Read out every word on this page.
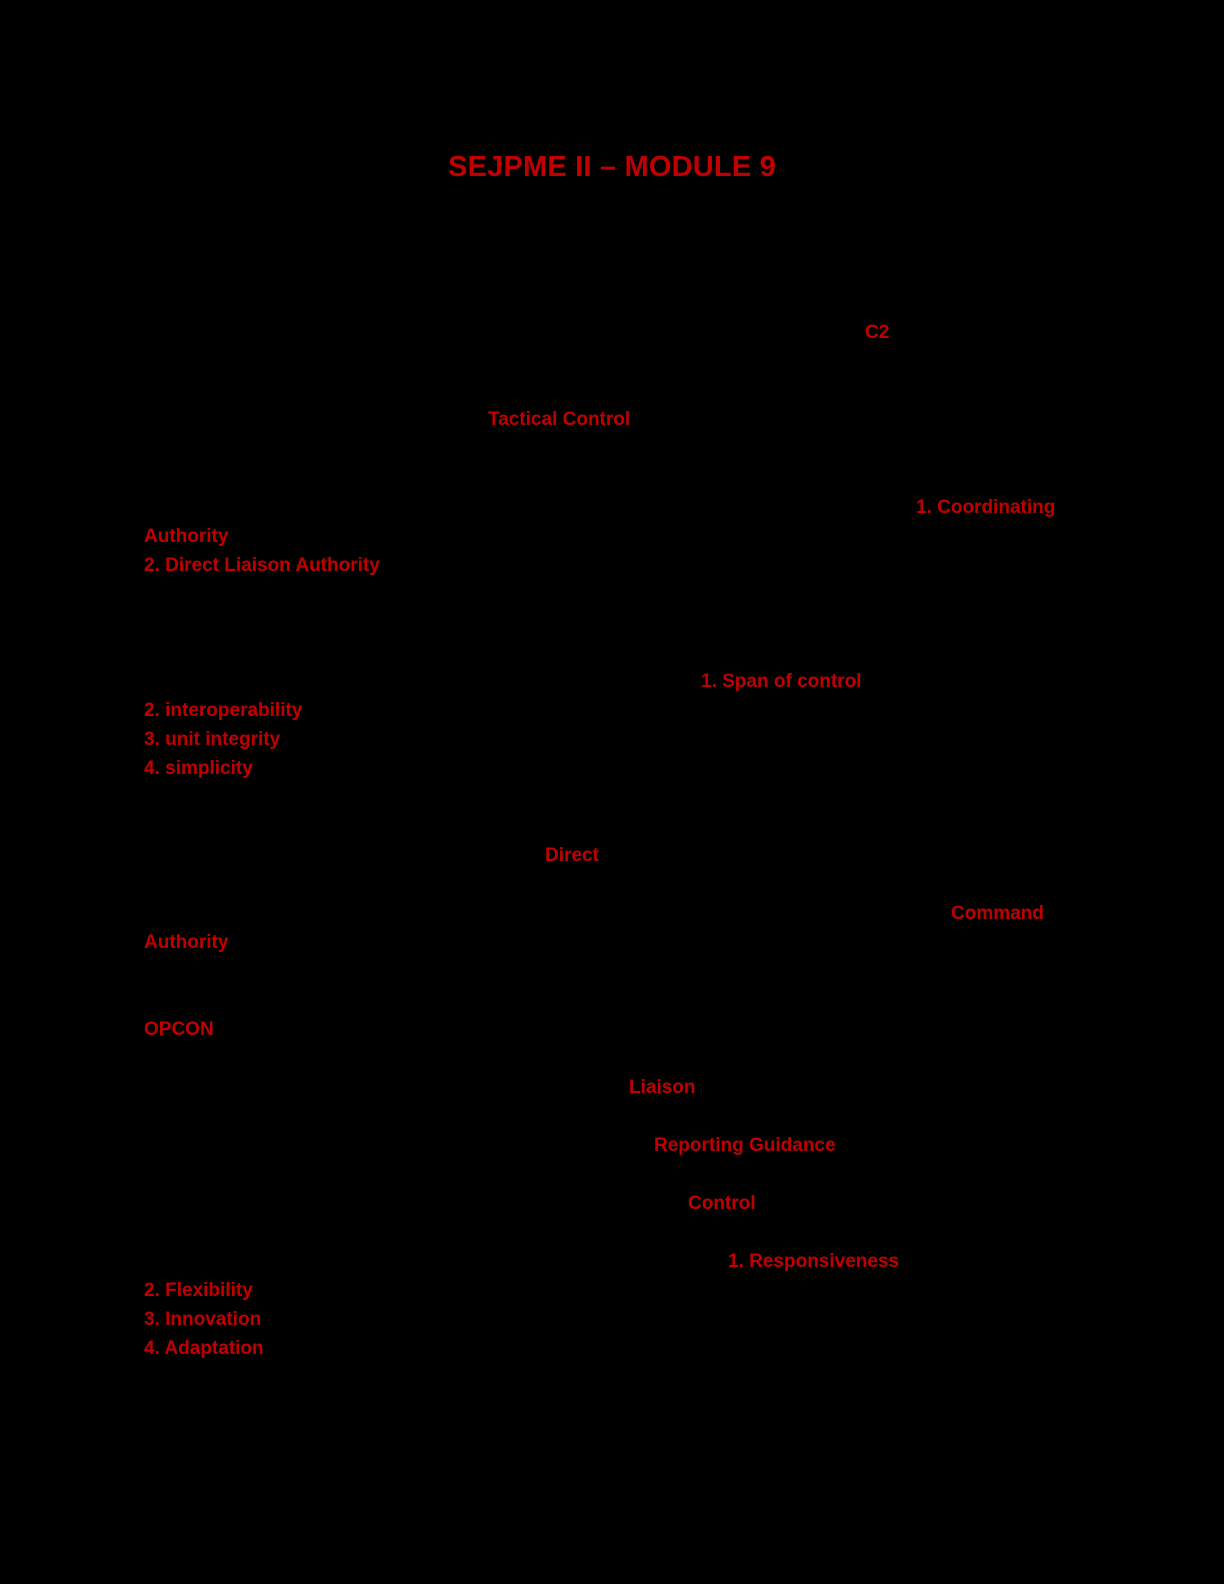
SEJPME II – MODULE 9
C2
Tactical Control
1. Coordinating
Authority
2. Direct Liaison Authority
1. Span of control
2. interoperability
3. unit integrity
4. simplicity
Direct
Command
Authority
OPCON
Liaison
Reporting Guidance
Control
1. Responsiveness
2. Flexibility
3. Innovation
4. Adaptation
